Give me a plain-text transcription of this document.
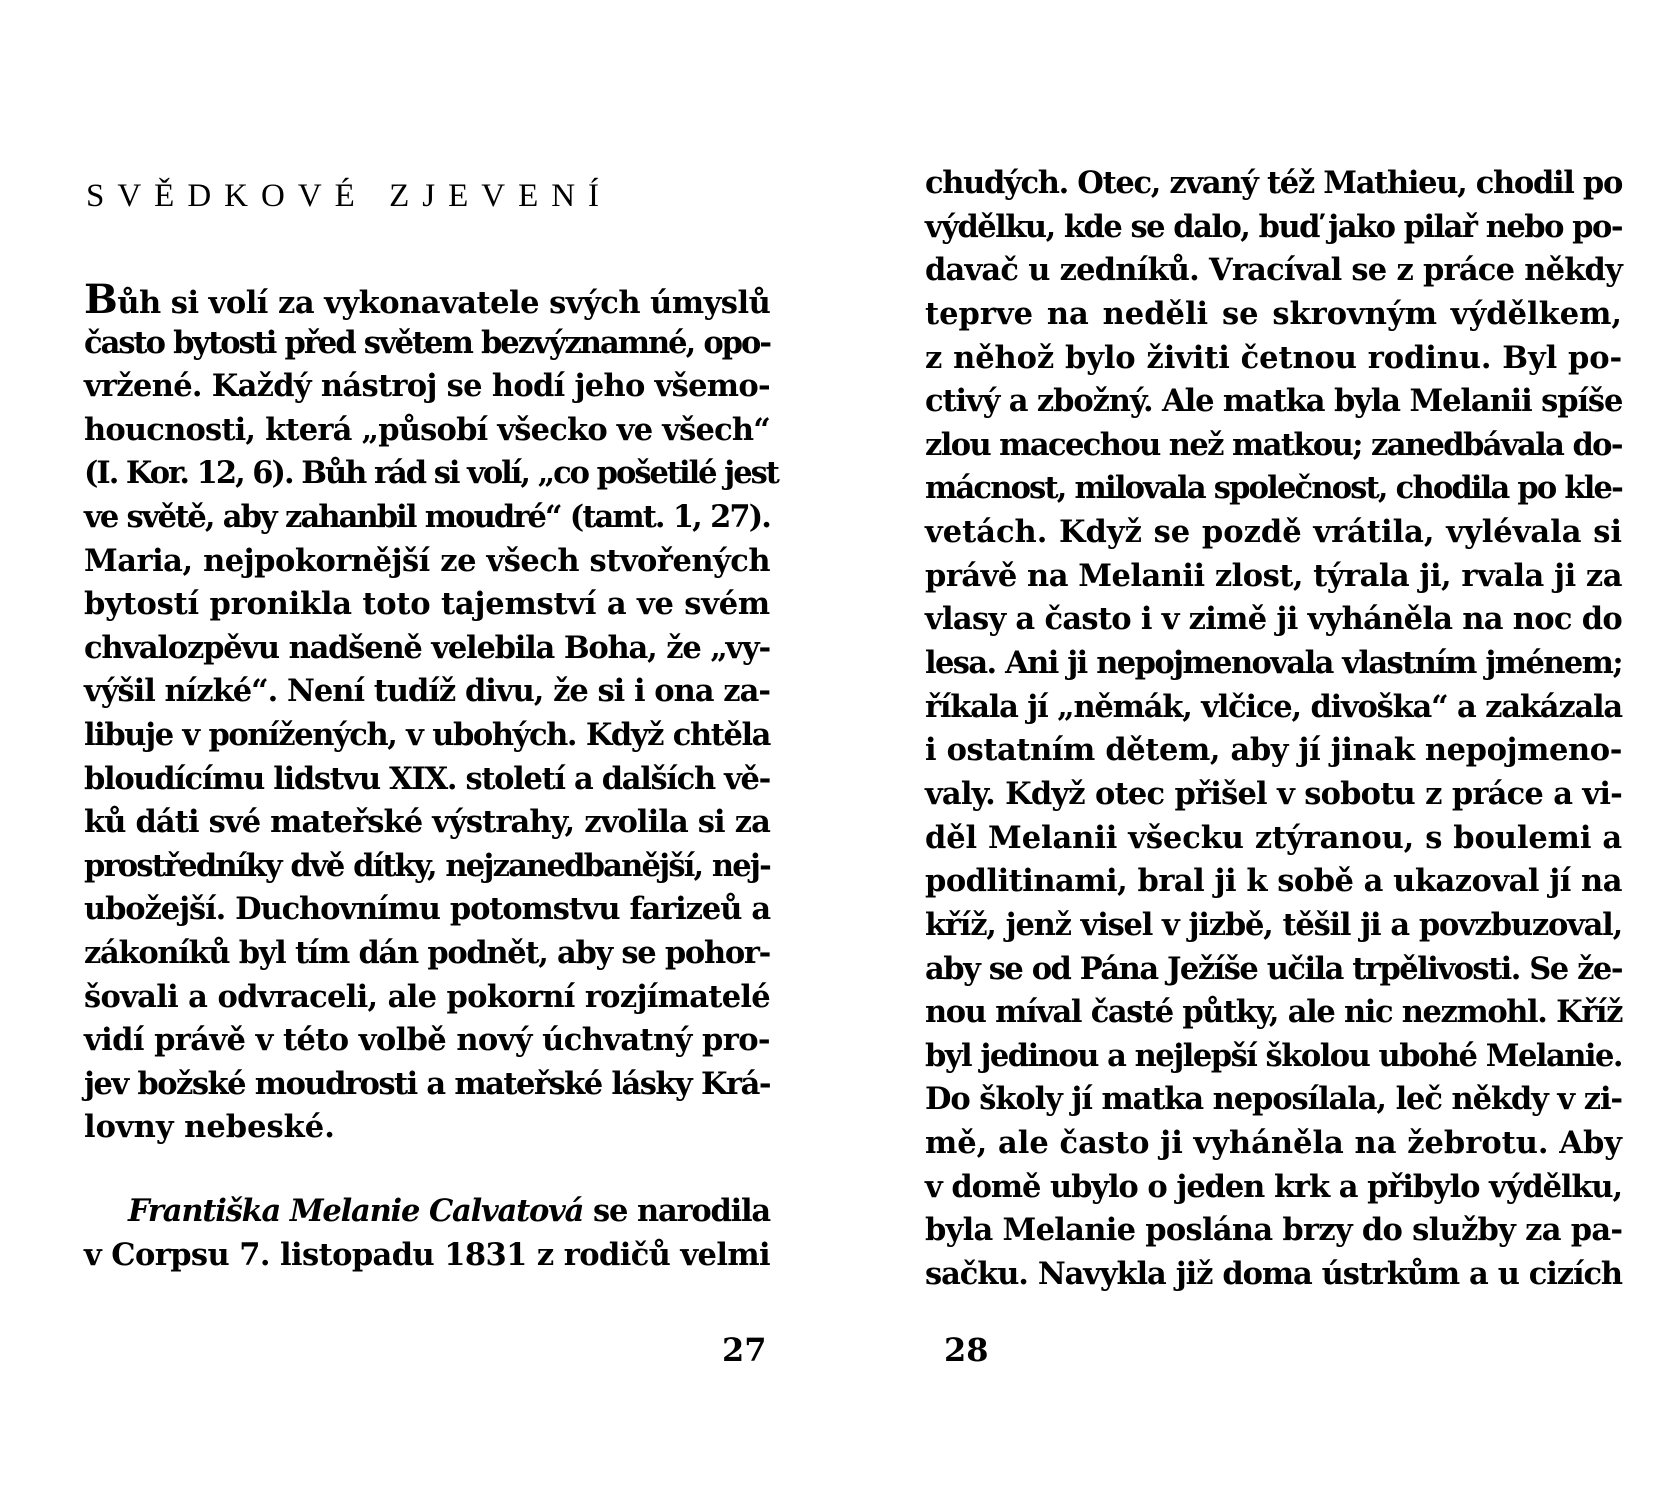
SVĚDKOVÉ ZJEVENÍ
Bůh si volí za vykonavatele svých úmyslů
často bytosti před světem bezvýznamné, opo-
vržené. Každý nástroj se hodí jeho všemo-
houcnosti, která „působí všecko ve všech“
(I. Kor. 12, 6). Bůh rád si volí, „co pošetilé jest
ve světě, aby zahanbil moudré“ (tamt. 1, 27).
Maria, nejpokornější ze všech stvořených
bytostí pronikla toto tajemství a ve svém
chvalozpěvu nadšeně velebila Boha, že „vy-
výšil nízké“. Není tudíž divu, že si i ona za-
libuje v ponížených, v ubohých. Když chtěla
bloudícímu lidstvu XIX. století a dalších vě-
ků dáti své mateřské výstrahy, zvolila si za
prostředníky dvě dítky, nejzanedbanější, nej-
ubožejší. Duchovnímu potomstvu farizeů a
zákoníků byl tím dán podnět, aby se pohor-
šovali a odvraceli, ale pokorní rozjímatelé
vidí právě v této volbě nový úchvatný pro-
jev božské moudrosti a mateřské lásky Krá-
lovny nebeské.
Františka Melanie Calvatová se narodila
v Corpsu 7. listopadu 1831 z rodičů velmi

27

chudých. Otec, zvaný též Mathieu, chodil po
výdělku, kde se dalo, buď jako pilař nebo po-
davač u zedníků. Vracíval se z práce někdy
teprve na neděli se skrovným výdělkem,
z něhož bylo živiti četnou rodinu. Byl po-
ctivý a zbožný. Ale matka byla Melanii spíše
zlou macechou než matkou; zanedbávala do-
mácnost, milovala společnost, chodila po kle-
vetách. Když se pozdě vrátila, vylévala si
právě na Melanii zlost, týrala ji, rvala ji za
vlasy a často i v zimě ji vyháněla na noc do
lesa. Ani ji nepojmenovala vlastním jménem;
říkala jí „němák, vlčice, divoška“ a zakázala
i ostatním dětem, aby jí jinak nepojmeno-
valy. Když otec přišel v sobotu z práce a vi-
děl Melanii všecku ztýranou, s boulemi a
podlitinami, bral ji k sobě a ukazoval jí na
kříž, jenž visel v jizbě, těšil ji a povzbuzoval,
aby se od Pána Ježíše učila trpělivosti. Se že-
nou míval časté půtky, ale nic nezmohl. Kříž
byl jedinou a nejlepší školou ubohé Melanie.
Do školy jí matka neposílala, leč někdy v zi-
mě, ale často ji vyháněla na žebrotu. Aby
v domě ubylo o jeden krk a přibylo výdělku,
byla Melanie poslána brzy do služby za pa-
sačku. Navykla již doma ústrkům a u cizích

28
